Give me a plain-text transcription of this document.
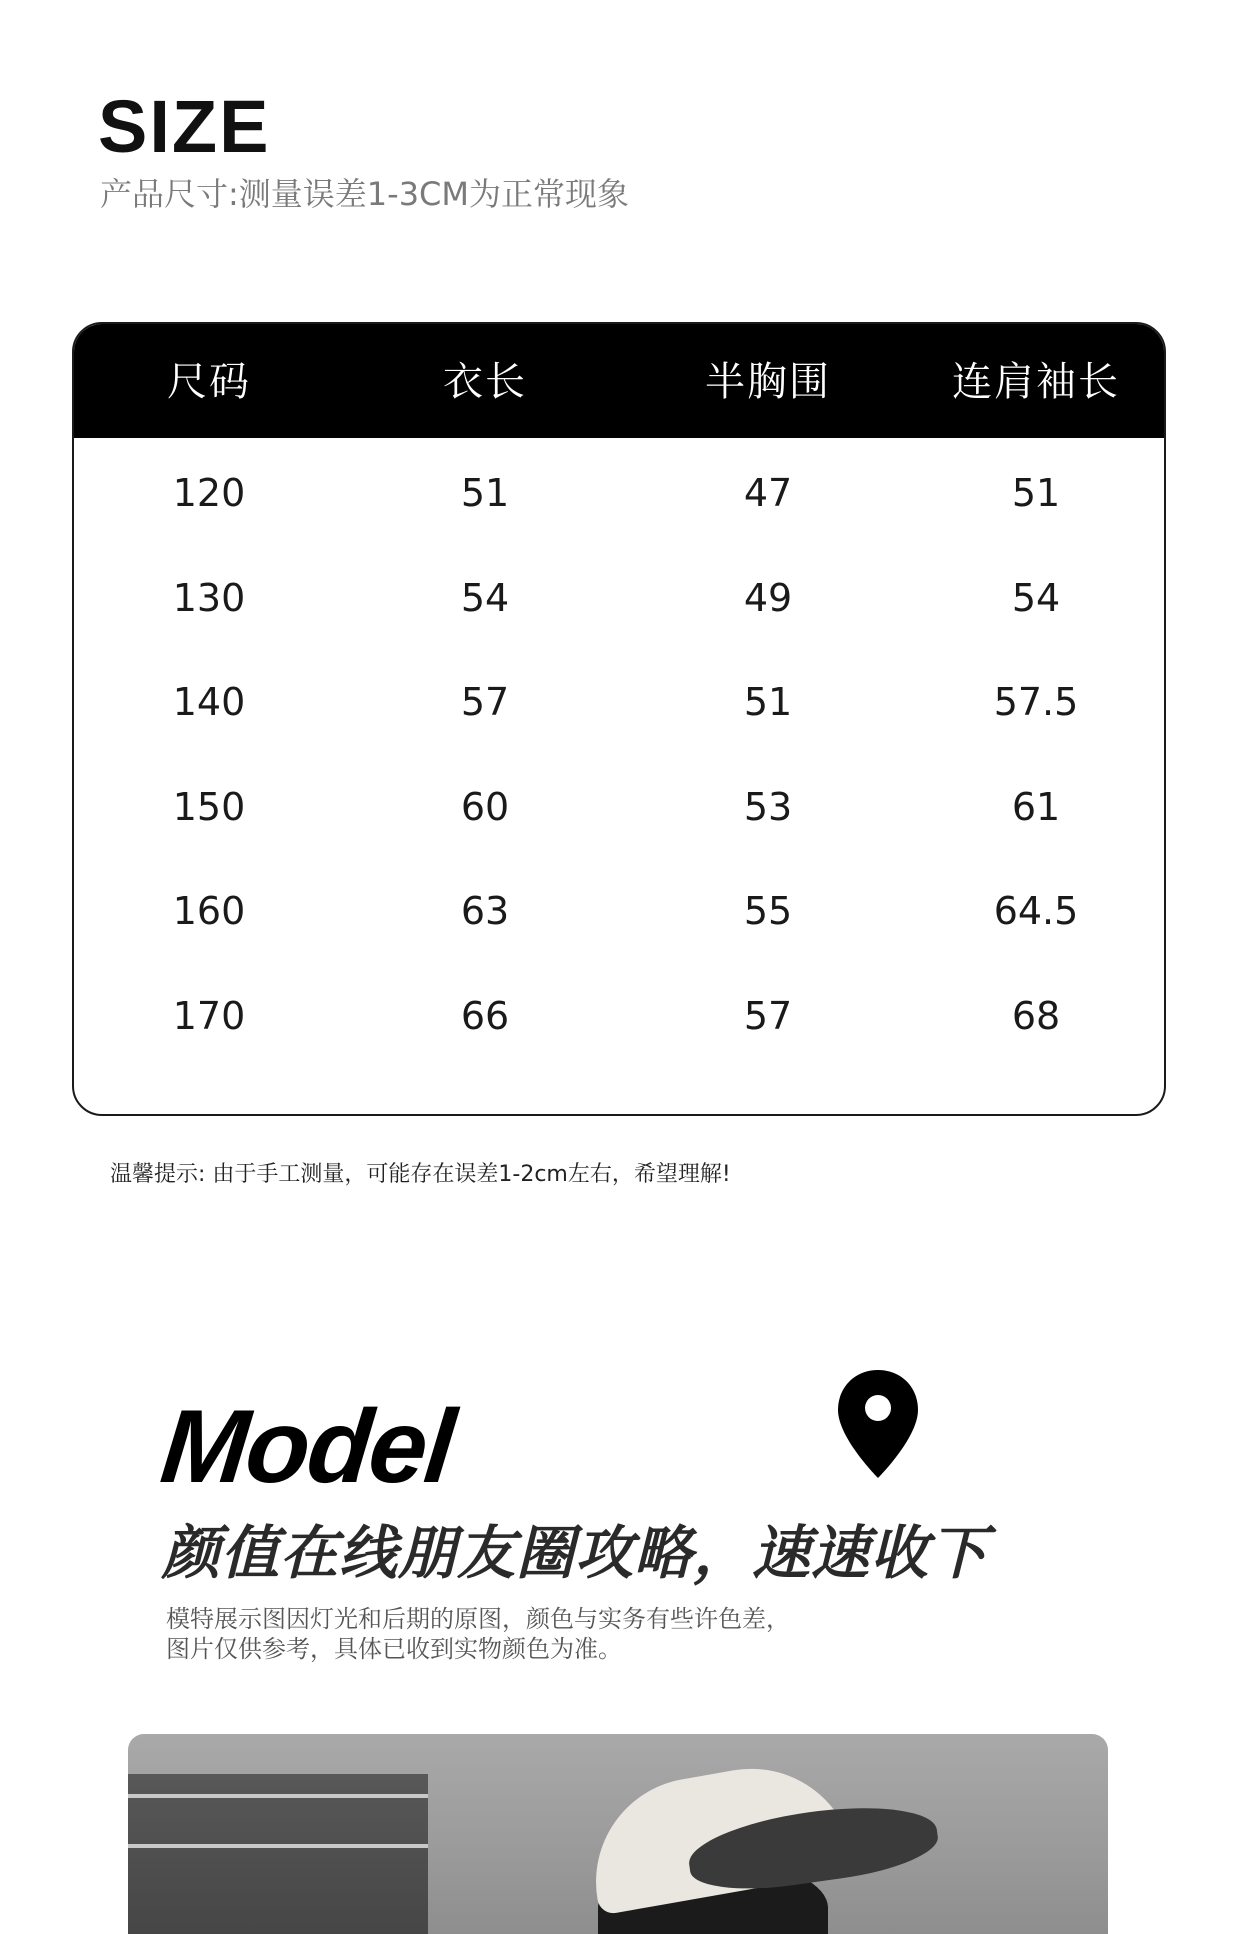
SIZE
产品尺寸:测量误差1-3CM为正常现象
尺码	衣长	半胸围	连肩袖长
120	51	47	51
130	54	49	54
140	57	51	57.5
150	60	53	61
160	63	55	64.5
170	66	57	68
温馨提示: 由于手工测量，可能存在误差1-2cm左右，希望理解!
Model
颜值在线朋友圈攻略，速速收下
模特展示图因灯光和后期的原图，颜色与实务有些许色差，
图片仅供参考，具体已收到实物颜色为准。
